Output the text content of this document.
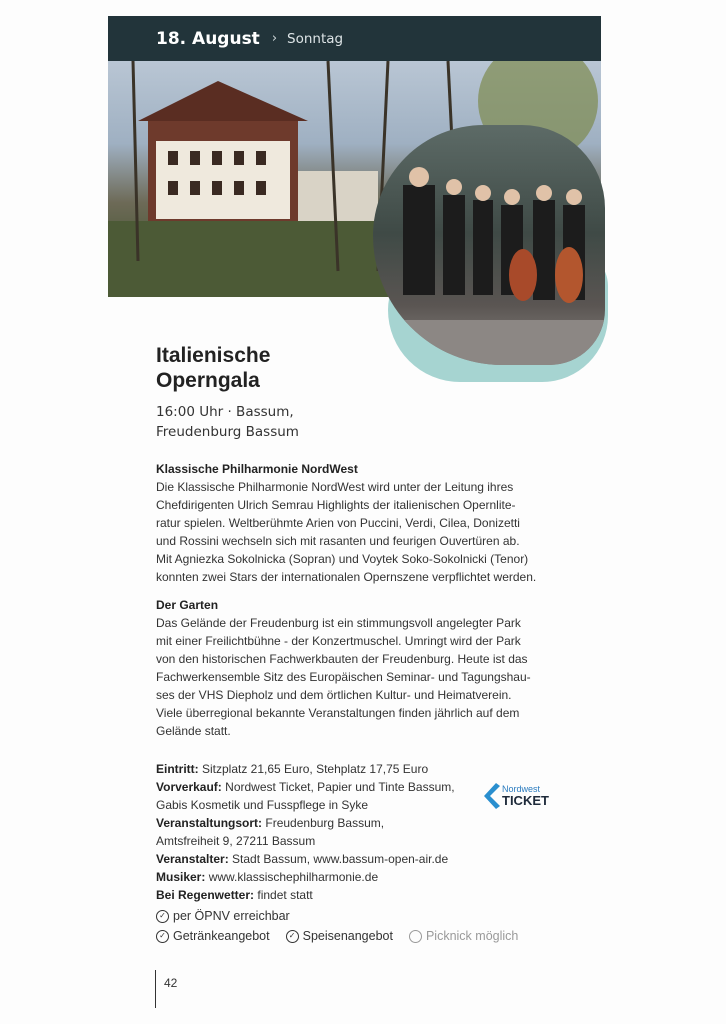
18. August › Sonntag
Italienische
Operngala
16:00 Uhr · Bassum,
Freudenburg Bassum
Klassische Philharmonie NordWest

Die Klassische Philharmonie NordWest wird unter der Leitung ihres
Chefdirigenten Ulrich Semrau Highlights der italienischen Opernlite-
ratur spielen. Weltberühmte Arien von Puccini, Verdi, Cilea, Donizetti
und Rossini wechseln sich mit rasanten und feurigen Ouvertüren ab.
Mit Agniezka Sokolnicka (Sopran) und Voytek Soko-Sokolnicki (Tenor)
konnten zwei Stars der internationalen Opernszene verpflichtet werden.

Der Garten

Das Gelände der Freudenburg ist ein stimmungsvoll angelegter Park
mit einer Freilichtbühne - der Konzertmuschel. Umringt wird der Park
von den historischen Fachwerkbauten der Freudenburg. Heute ist das
Fachwerkensemble Sitz des Europäischen Seminar- und Tagungshau-
ses der VHS Diepholz und dem örtlichen Kultur- und Heimatverein.
Viele überregional bekannte Veranstaltungen finden jährlich auf dem
Gelände statt.

Eintritt: Sitzplatz 21,65 Euro, Stehplatz 17,75 Euro
Vorverkauf: Nordwest Ticket, Papier und Tinte Bassum,
Gabis Kosmetik und Fusspflege in Syke
Veranstaltungsort: Freudenburg Bassum,
Amtsfreiheit 9, 27211 Bassum
Veranstalter: Stadt Bassum, www.bassum-open-air.de
Musiker: www.klassischephilharmonie.de
Bei Regenwetter: findet statt
Nordwest
TICKET
✓ per ÖPNV erreichbar
✓ Getränkeangebot	✓ Speisenangebot	Picknick möglich
42
